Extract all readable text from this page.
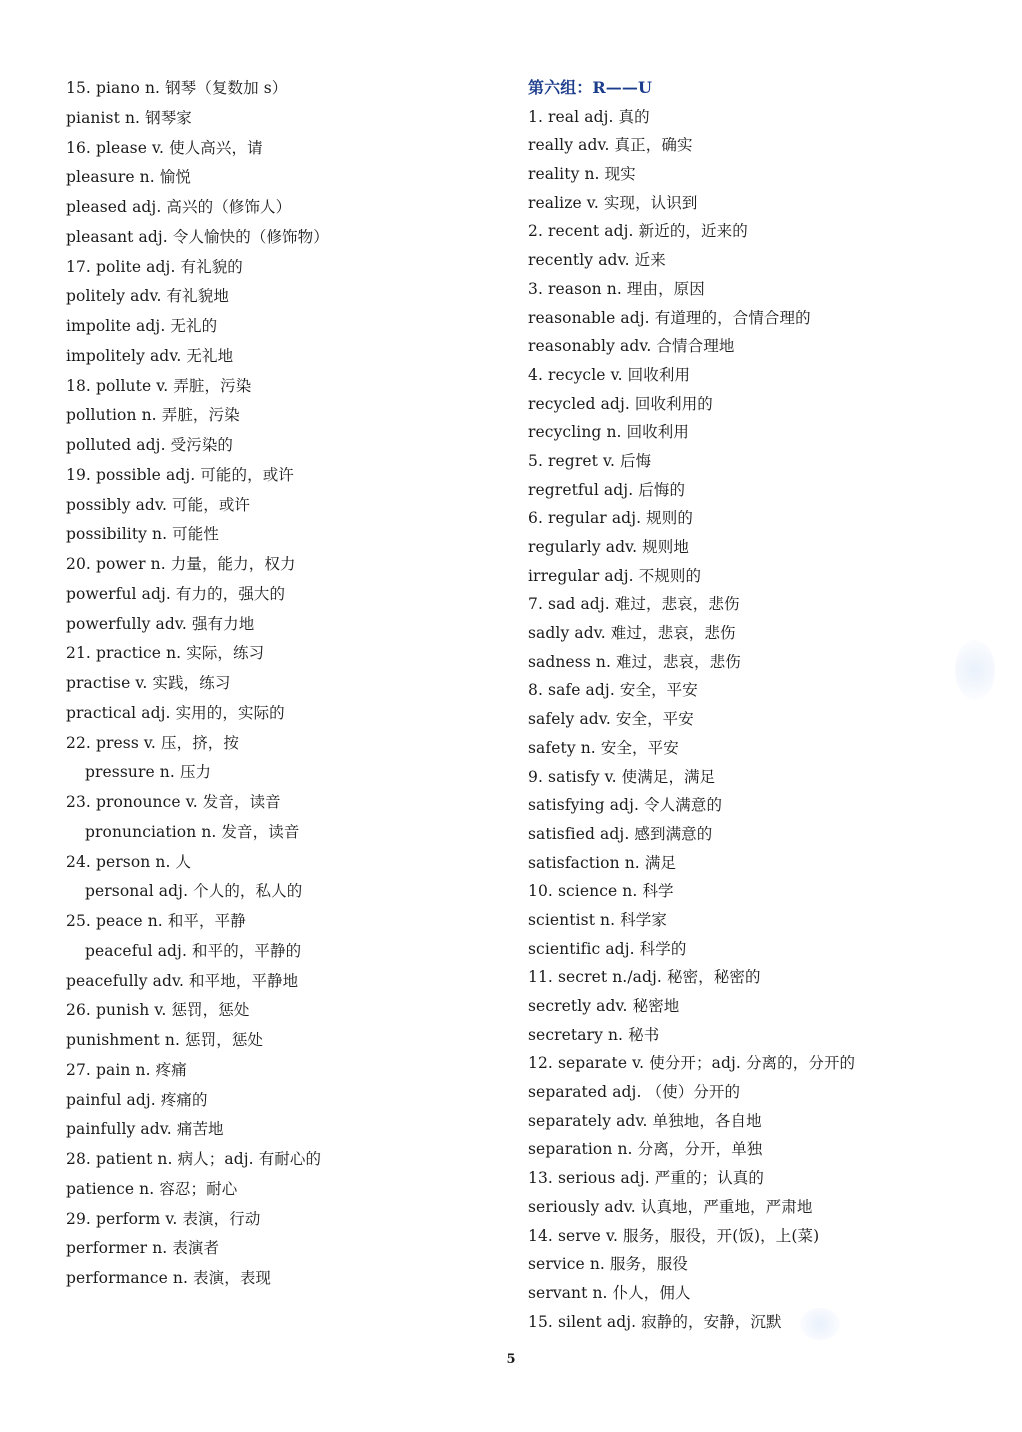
15. piano n. 钢琴（复数加 s）
pianist n. 钢琴家
16. please v. 使人高兴，请
pleasure n. 愉悦
pleased adj. 高兴的（修饰人）
pleasant adj. 令人愉快的（修饰物）
17. polite adj. 有礼貌的
politely adv. 有礼貌地
impolite adj. 无礼的
impolitely adv. 无礼地
18. pollute v. 弄脏，污染
pollution n. 弄脏，污染
polluted adj. 受污染的
19. possible adj. 可能的，或许
possibly adv. 可能，或许
possibility n. 可能性
20. power n. 力量，能力，权力
powerful adj. 有力的，强大的
powerfully adv. 强有力地
21. practice n. 实际，练习
practise v. 实践，练习
practical adj. 实用的，实际的
22. press v. 压，挤，按
pressure n. 压力
23. pronounce v. 发音，读音
pronunciation n. 发音，读音
24. person n. 人
personal adj. 个人的，私人的
25. peace n. 和平，平静
peaceful adj. 和平的，平静的
peacefully adv. 和平地，平静地
26. punish v. 惩罚，惩处
punishment n. 惩罚，惩处
27. pain n. 疼痛
painful adj. 疼痛的
painfully adv. 痛苦地
28. patient n. 病人；adj. 有耐心的
patience n. 容忍；耐心
29. perform v. 表演，行动
performer n. 表演者
performance n. 表演，表现
第六组：R——U
1. real adj. 真的
really adv. 真正，确实
reality n. 现实
realize v. 实现，认识到
2. recent adj. 新近的，近来的
recently adv. 近来
3. reason n. 理由，原因
reasonable adj. 有道理的，合情合理的
reasonably adv. 合情合理地
4. recycle v. 回收利用
recycled adj. 回收利用的
recycling n. 回收利用
5. regret v. 后悔
regretful adj. 后悔的
6. regular adj. 规则的
regularly adv. 规则地
irregular adj. 不规则的
7. sad adj. 难过，悲哀，悲伤
sadly adv. 难过，悲哀，悲伤
sadness n. 难过，悲哀，悲伤
8. safe adj. 安全，平安
safely adv. 安全，平安
safety n. 安全，平安
9. satisfy v. 使满足，满足
satisfying adj. 令人满意的
satisfied adj. 感到满意的
satisfaction n. 满足
10. science n. 科学
scientist n. 科学家
scientific adj. 科学的
11. secret n./adj. 秘密，秘密的
secretly adv. 秘密地
secretary n. 秘书
12. separate v. 使分开；adj. 分离的，分开的
separated adj. （使）分开的
separately adv. 单独地，各自地
separation n. 分离，分开，单独
13. serious adj. 严重的；认真的
seriously adv. 认真地，严重地，严肃地
14. serve v. 服务，服役，开(饭)，上(菜)
service n. 服务，服役
servant n. 仆人，佣人
15. silent adj. 寂静的，安静，沉默
5
